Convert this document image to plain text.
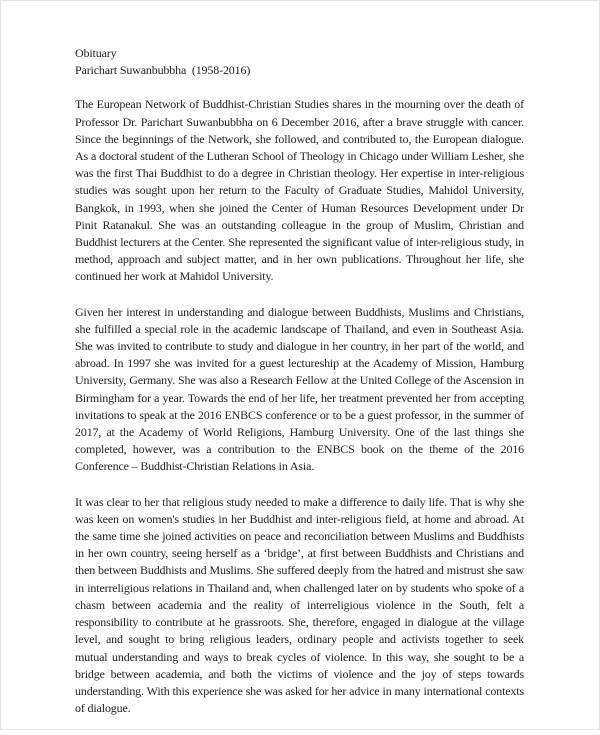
Obituary

Parichart Suwanbubbha  (1958-2016)

The European Network of Buddhist-Christian Studies shares in the mourning over the death of Professor Dr. Parichart Suwanbubbha on 6 December 2016, after a brave struggle with cancer. Since the beginnings of the Network, she followed, and contributed to, the European dialogue. As a doctoral student of the Lutheran School of Theology in Chicago under William Lesher, she was the first Thai Buddhist to do a degree in Christian theology. Her expertise in inter-religious studies was sought upon her return to the Faculty of Graduate Studies, Mahidol University, Bangkok, in 1993, when she joined the Center of Human Resources Development under Dr Pinit Ratanakul. She was an outstanding colleague in the group of Muslim, Christian and Buddhist lecturers at the Center. She represented the significant value of inter-religious study, in method, approach and subject matter, and in her own publications. Throughout her life, she continued her work at Mahidol University.

Given her interest in understanding and dialogue between Buddhists, Muslims and Christians, she fulfilled a special role in the academic landscape of Thailand, and even in Southeast Asia. She was invited to contribute to study and dialogue in her country, in her part of the world, and abroad. In 1997 she was invited for a guest lectureship at the Academy of Mission, Hamburg University, Germany. She was also a Research Fellow at the United College of the Ascension in Birmingham for a year. Towards the end of her life, her treatment prevented her from accepting invitations to speak at the 2016 ENBCS conference or to be a guest professor, in the summer of 2017, at the Academy of World Religions, Hamburg University. One of the last things she completed, however, was a contribution to the ENBCS book on the theme of the 2016 Conference – Buddhist-Christian Relations in Asia.

It was clear to her that religious study needed to make a difference to daily life. That is why she was keen on women's studies in her Buddhist and inter-religious field, at home and abroad. At the same time she joined activities on peace and reconciliation between Muslims and Buddhists in her own country, seeing herself as a ‘bridge’, at first between Buddhists and Christians and then between Buddhists and Muslims. She suffered deeply from the hatred and mistrust she saw in interreligious relations in Thailand and, when challenged later on by students who spoke of a chasm between academia and the reality of interreligious violence in the South, felt a responsibility to contribute at he grassroots. She, therefore, engaged in dialogue at the village level, and sought to bring religious leaders, ordinary people and activists together to seek mutual understanding and ways to break cycles of violence. In this way, she sought to be a bridge between academia, and both the victims of violence and the joy of steps towards understanding. With this experience she was asked for her advice in many international contexts of dialogue.
